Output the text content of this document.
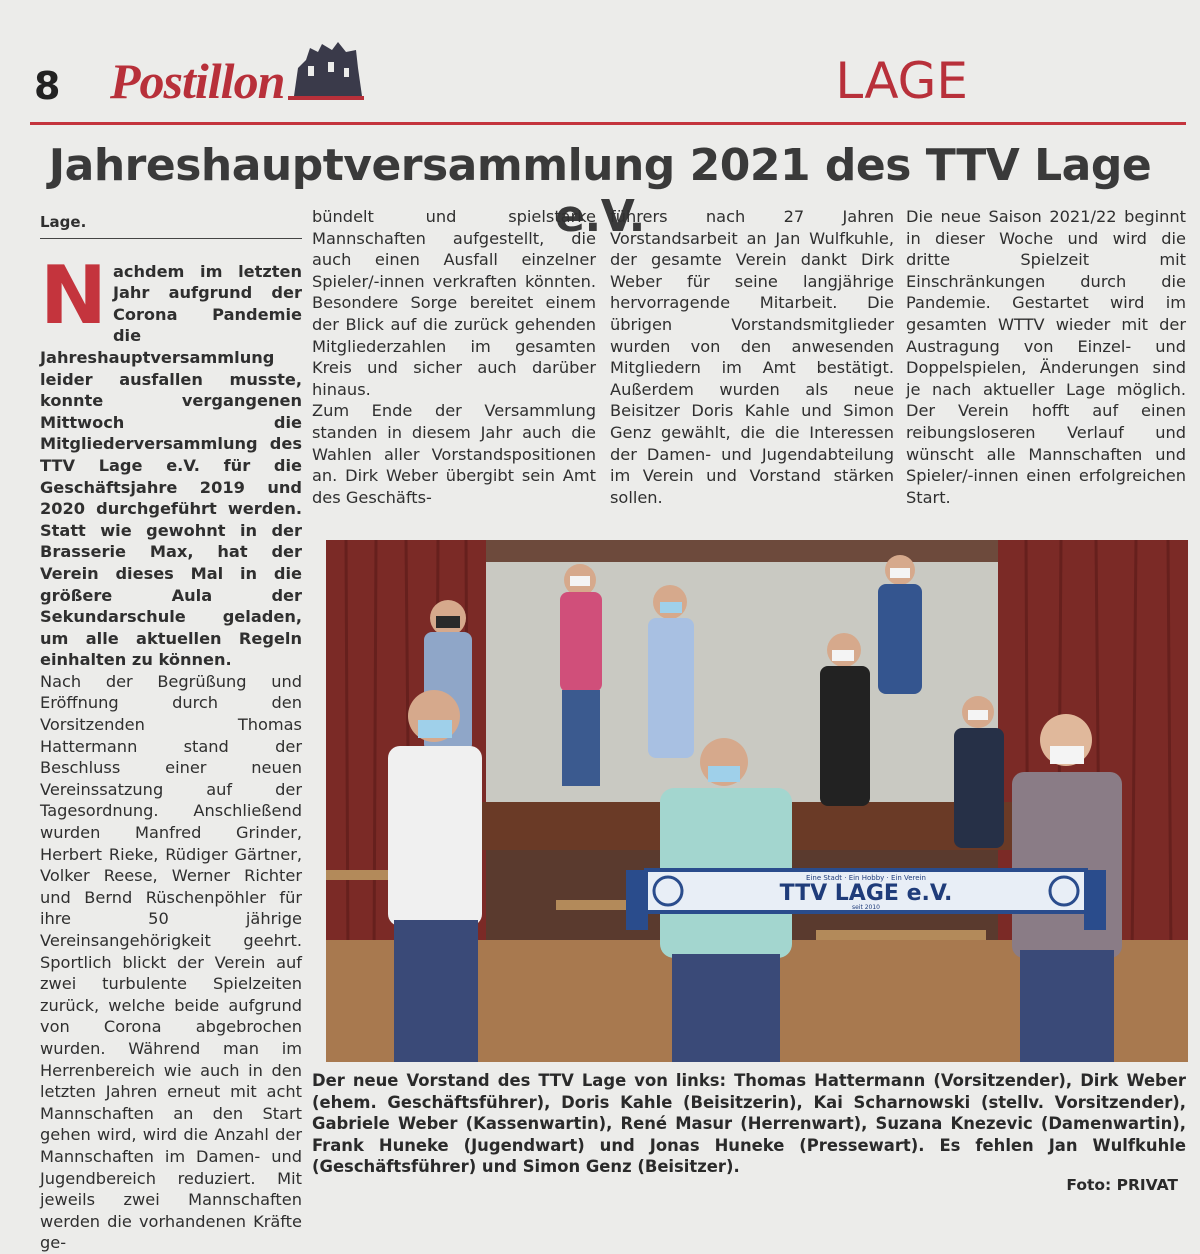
8 Postillon	LAGE
Jahreshauptversammlung 2021 des TTV Lage e.V.
Lage.

Nachdem im letzten Jahr aufgrund der Corona Pandemie die Jahreshauptversammlung leider ausfallen musste, konnte vergangenen Mittwoch die Mitgliederversammlung des TTV Lage e.V. für die Geschäftsjahre 2019 und 2020 durchgeführt werden. Statt wie gewohnt in der Brasserie Max, hat der Verein dieses Mal in die größere Aula der Sekundarschule geladen, um alle aktuellen Regeln einhalten zu können.

Nach der Begrüßung und Eröffnung durch den Vorsitzenden Thomas Hattermann stand der Beschluss einer neuen Vereinssatzung auf der Tagesordnung. Anschließend wurden Manfred Grinder, Herbert Rieke, Rüdiger Gärtner, Volker Reese, Werner Richter und Bernd Rüschenpöhler für ihre 50 jährige Vereinsangehörigkeit geehrt. Sportlich blickt der Verein auf zwei turbulente Spielzeiten zurück, welche beide aufgrund von Corona abgebrochen wurden. Während man im Herrenbereich wie auch in den letzten Jahren erneut mit acht Mannschaften an den Start gehen wird, wird die Anzahl der Mannschaften im Damen- und Jugendbereich reduziert. Mit jeweils zwei Mannschaften werden die vorhandenen Kräfte ge-

bündelt und spielstarke Mannschaften aufgestellt, die auch einen Ausfall einzelner Spieler/-innen verkraften könnten. Besondere Sorge bereitet einem der Blick auf die zurück gehenden Mitgliederzahlen im gesamten Kreis und sicher auch darüber hinaus.

Zum Ende der Versammlung standen in diesem Jahr auch die Wahlen aller Vorstandspositionen an. Dirk Weber übergibt sein Amt des Geschäfts-

führers nach 27 Jahren Vorstandsarbeit an Jan Wulfkuhle, der gesamte Verein dankt Dirk Weber für seine langjährige hervorragende Mitarbeit. Die übrigen Vorstandsmitglieder wurden von den anwesenden Mitgliedern im Amt bestätigt. Außerdem wurden als neue Beisitzer Doris Kahle und Simon Genz gewählt, die die Interessen der Damen- und Jugendabteilung im Verein und Vorstand stärken sollen.

Die neue Saison 2021/22 beginnt in dieser Woche und wird die dritte Spielzeit mit Einschränkungen durch die Pandemie. Gestartet wird im gesamten WTTV wieder mit der Austragung von Einzel- und Doppelspielen, Änderungen sind je nach aktueller Lage möglich. Der Verein hofft auf einen reibungsloseren Verlauf und wünscht alle Mannschaften und Spieler/-innen einen erfolgreichen Start.

TTV LAGE e.V.
Eine Stadt · Ein Hobby · Ein Verein
seit 2010
Der neue Vorstand des TTV Lage von links: Thomas Hattermann (Vorsitzender), Dirk Weber (ehem. Geschäftsführer), Doris Kahle (Beisitzerin), Kai Scharnowski (stellv. Vorsitzender), Gabriele Weber (Kassenwartin), René Masur (Herrenwart), Suzana Knezevic (Damenwartin), Frank Huneke (Jugendwart) und Jonas Huneke (Pressewart). Es fehlen Jan Wulfkuhle (Geschäftsführer) und Simon Genz (Beisitzer).
Foto: PRIVAT
